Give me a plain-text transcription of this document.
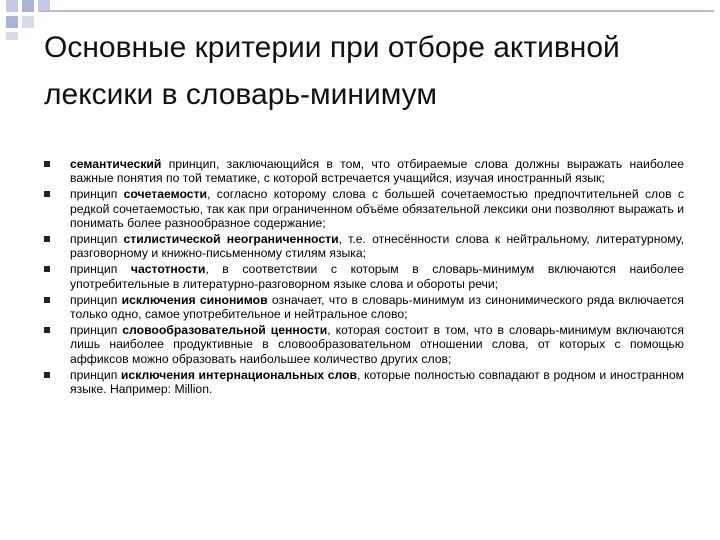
Основные критерии при отборе активной
лексики в словарь-минимум
семантический принцип, заключающийся в том, что отбираемые слова должны выражать наиболее важные понятия по той тематике, с которой встречается учащийся, изучая иностранный язык;
принцип сочетаемости, согласно которому слова с большей сочетаемостью предпочтительней слов с редкой сочетаемостью, так как при ограниченном объёме обязательной лексики они позволяют выражать и понимать более разнообразное содержание;
принцип стилистической неограниченности, т.е. отнесённости слова к нейтральному, литературному, разговорному и книжно-письменному стилям языка;
принцип частотности, в соответствии с которым в словарь-минимум включаются наиболее употребительные в литературно-разговорном языке слова и обороты речи;
принцип исключения синонимов означает, что в словарь-минимум из синонимического ряда включается только одно, самое употребительное и нейтральное слово;
принцип словообразовательной ценности, которая состоит в том, что в словарь-минимум включаются лишь наиболее продуктивные в словообразовательном отношении слова, от которых с помощью аффиксов можно образовать наибольшее количество других слов;
принцип исключения интернациональных слов, которые полностью совпадают в родном и иностранном языке. Например: Million.
